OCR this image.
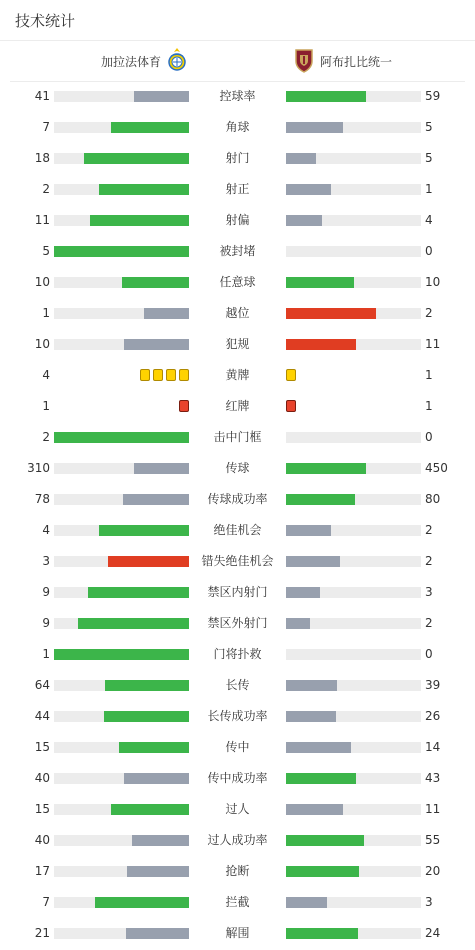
技术统计
加拉法体育	阿布扎比统一
41	控球率	59
7	角球	5
18	射门	5
2	射正	1
11	射偏	4
5	被封堵	0
10	任意球	10
1	越位	2
10	犯规	11
4	黄牌	1
1	红牌	1
2	击中门框	0
310	传球	450
78	传球成功率	80
4	绝佳机会	2
3	错失绝佳机会	2
9	禁区内射门	3
9	禁区外射门	2
1	门将扑救	0
64	长传	39
44	长传成功率	26
15	传中	14
40	传中成功率	43
15	过人	11
40	过人成功率	55
17	抢断	20
7	拦截	3
21	解围	24
